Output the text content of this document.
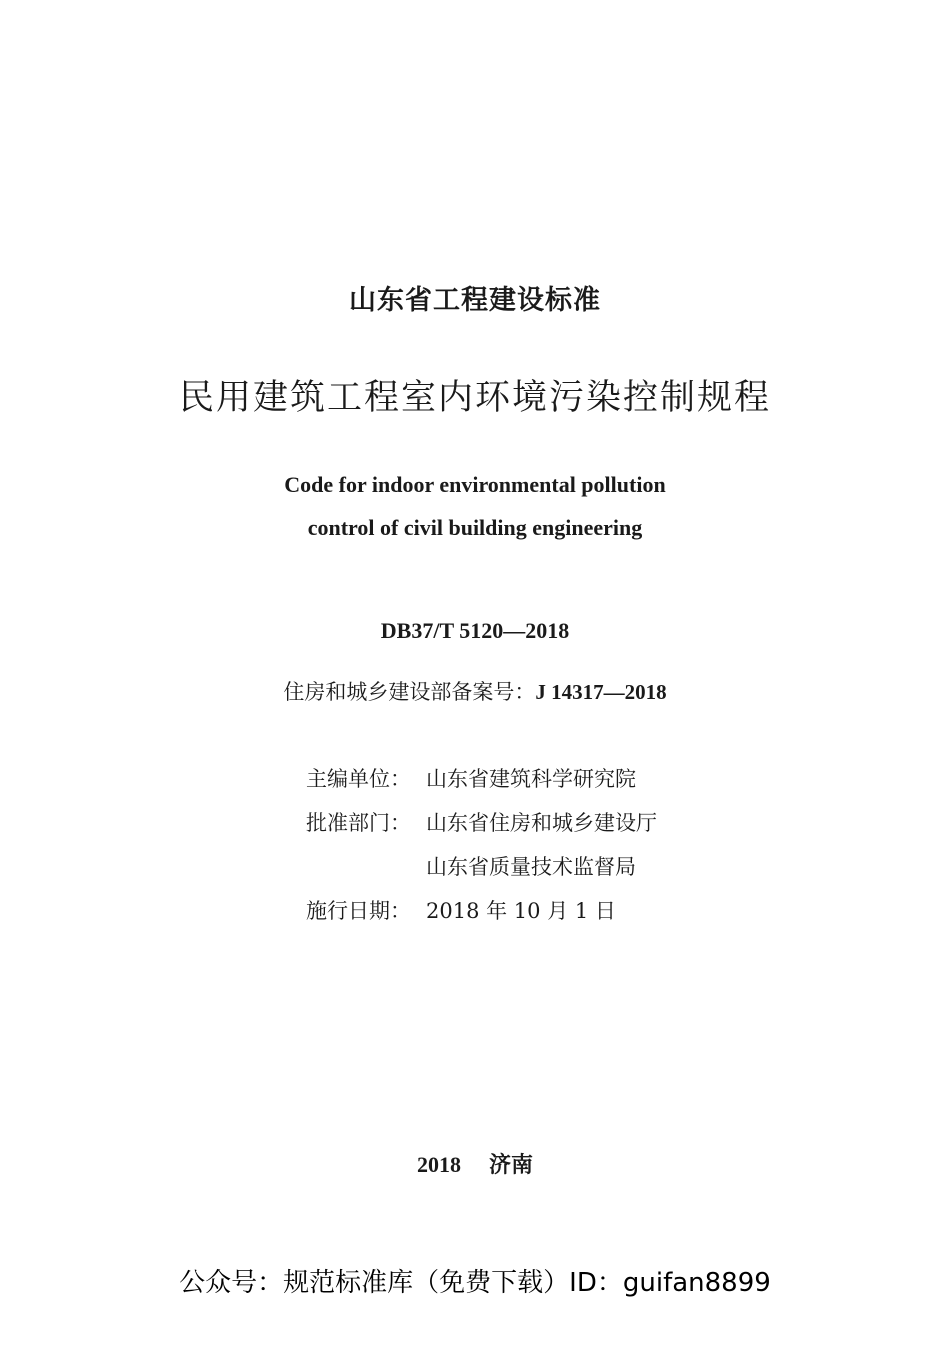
山东省工程建设标准
民用建筑工程室内环境污染控制规程
Code for indoor environmental pollution
control of civil building engineering
DB37/T 5120—2018
住房和城乡建设部备案号：J 14317—2018
主编单位： 山东省建筑科学研究院
批准部门： 山东省住房和城乡建设厅
山东省质量技术监督局
施行日期： 2018 年 10 月 1 日
2018 济南
公众号：规范标准库（免费下载）ID：guifan8899
